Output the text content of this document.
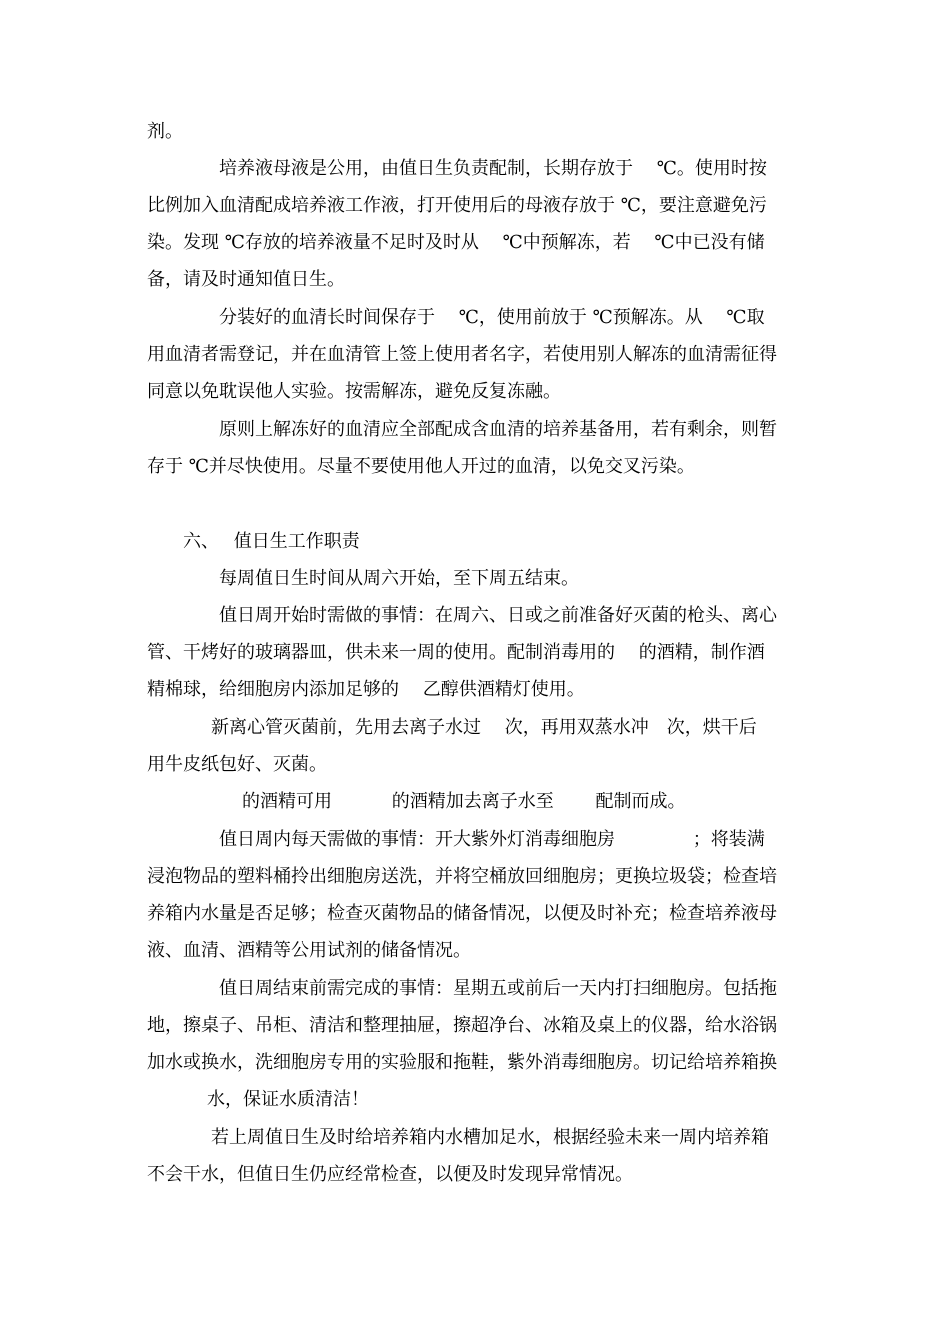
剂。
培养液母液是公用，由值日生负责配制，长期存放于　 ℃。使用时按
比例加入血清配成培养液工作液，打开使用后的母液存放于 ℃，要注意避免污
染。发现 ℃存放的培养液量不足时及时从　 ℃中预解冻，若　 ℃中已没有储
备，请及时通知值日生。
分装好的血清长时间保存于　 ℃，使用前放于 ℃预解冻。从　 ℃取
用血清者需登记，并在血清管上签上使用者名字，若使用别人解冻的血清需征得
同意以免耽误他人实验。按需解冻，避免反复冻融。
原则上解冻好的血清应全部配成含血清的培养基备用，若有剩余，则暂
存于 ℃并尽快使用。尽量不要使用他人开过的血清，以免交叉污染。
六、　 值日生工作职责
每周值日生时间从周六开始，至下周五结束。
值日周开始时需做的事情：在周六、日或之前准备好灭菌的枪头、离心
管、干烤好的玻璃器皿，供未来一周的使用。配制消毒用的　 的酒精，制作酒
精棉球，给细胞房内添加足够的　 乙醇供酒精灯使用。
新离心管灭菌前，先用去离子水过　 次，再用双蒸水冲　次，烘干后
用牛皮纸包好、灭菌。
的酒精可用　　　 的酒精加去离子水至　　 配制而成。
值日周内每天需做的事情：开大紫外灯消毒细胞房　　　　 ；将装满
浸泡物品的塑料桶拎出细胞房送洗，并将空桶放回细胞房；更换垃圾袋；检查培
养箱内水量是否足够；检查灭菌物品的储备情况，以便及时补充；检查培养液母
液、血清、酒精等公用试剂的储备情况。
值日周结束前需完成的事情：星期五或前后一天内打扫细胞房。包括拖
地，擦桌子、吊柜、清洁和整理抽屉，擦超净台、冰箱及桌上的仪器，给水浴锅
加水或换水，洗细胞房专用的实验服和拖鞋，紫外消毒细胞房。切记给培养箱换
水，保证水质清洁！
若上周值日生及时给培养箱内水槽加足水，根据经验未来一周内培养箱
不会干水，但值日生仍应经常检查，以便及时发现异常情况。
